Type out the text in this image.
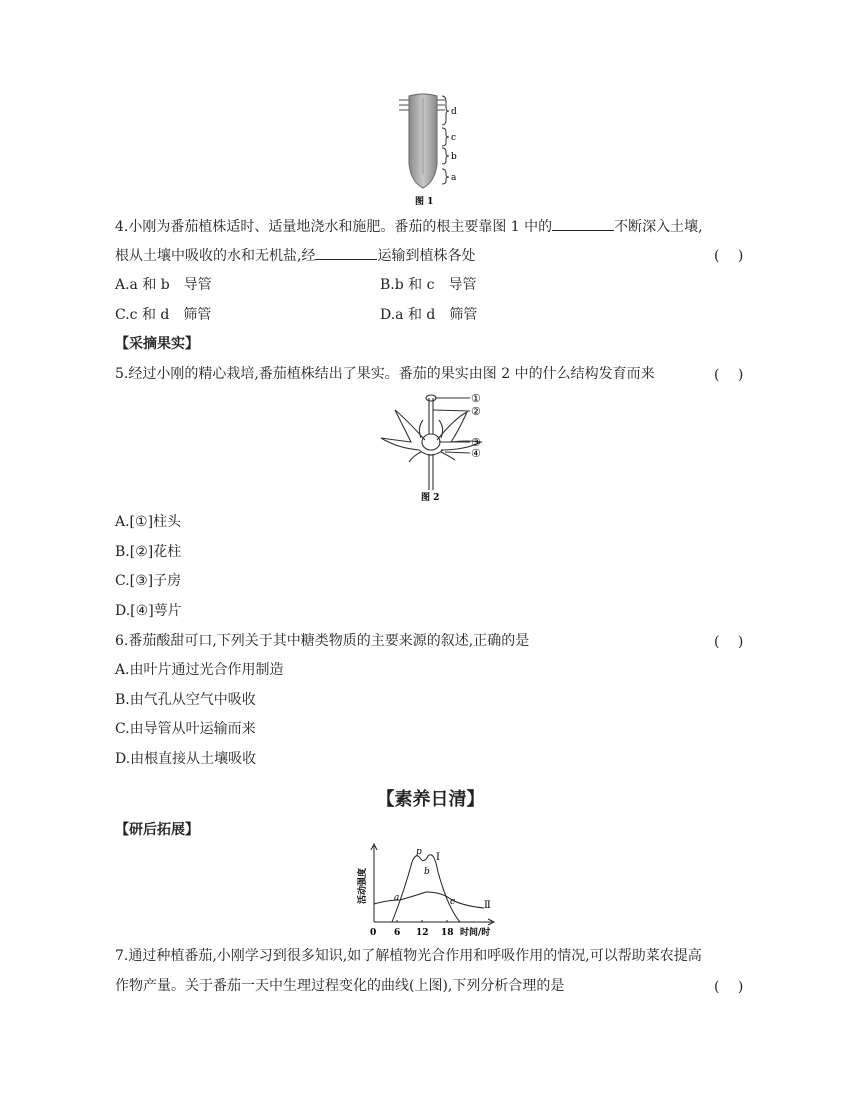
d
c
b
a
图 1
4.小刚为番茄植株适时、适量地浇水和施肥。番茄的根主要靠图 1 中的	不断深入土壤,
根从土壤中吸收的水和无机盐,经	运输到植株各处	(　 )
A.a 和 b　导管	B.b 和 c　导管
C.c 和 d　筛管	D.a 和 d　筛管
【采摘果实】
5.经过小刚的精心栽培,番茄植株结出了果实。番茄的果实由图 2 中的什么结构发育而来	(　 )
①
②
③
④
图 2
A.[①]柱头
B.[②]花柱
C.[③]子房
D.[④]萼片
6.番茄酸甜可口,下列关于其中糖类物质的主要来源的叙述,正确的是	(　 )
A.由叶片通过光合作用制造
B.由气孔从空气中吸收
C.由导管从叶运输而来
D.由根直接从土壤吸收
【素养日清】
【研后拓展】
活动强度
p
b
a	c
Ⅰ
Ⅱ
0 6 12 18 时间/时
7.通过种植番茄,小刚学习到很多知识,如了解植物光合作用和呼吸作用的情况,可以帮助菜农提高
作物产量。关于番茄一天中生理过程变化的曲线(上图),下列分析合理的是	(　 )
